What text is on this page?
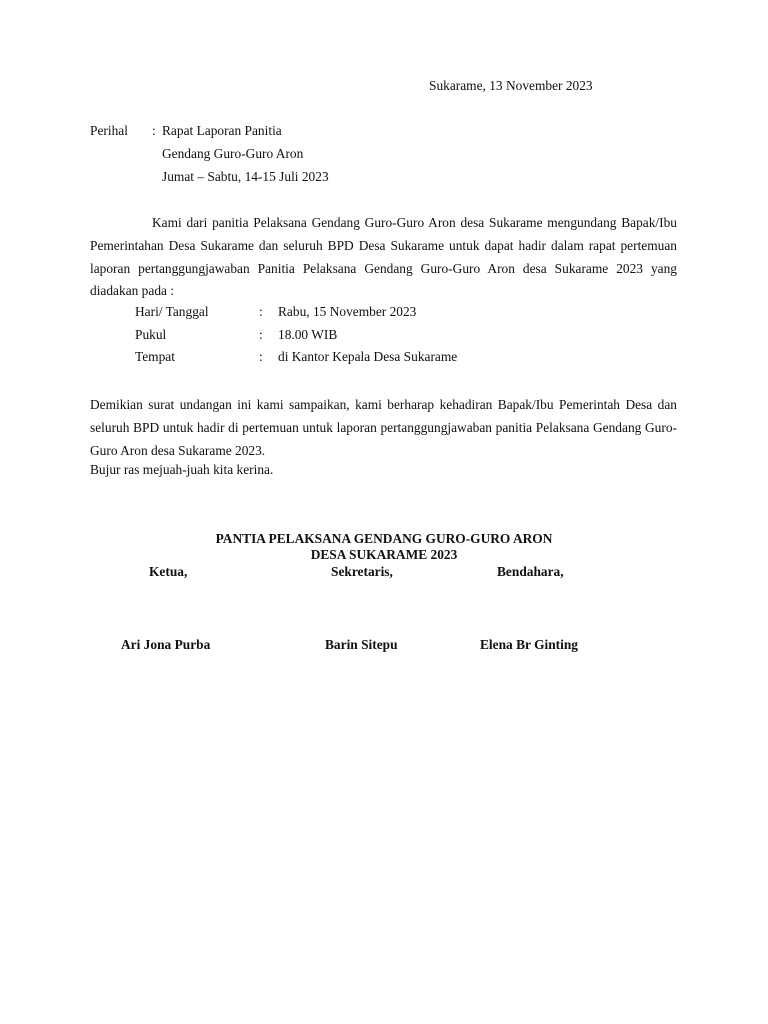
Sukarame, 13 November 2023
Perihal : Rapat Laporan Panitia
Gendang Guro-Guro Aron
Jumat – Sabtu, 14-15 Juli 2023

Kami dari panitia Pelaksana Gendang Guro-Guro Aron desa Sukarame mengundang Bapak/Ibu Pemerintahan Desa Sukarame dan seluruh BPD Desa Sukarame untuk dapat hadir dalam rapat pertemuan laporan pertanggungjawaban Panitia Pelaksana Gendang Guro-Guro Aron desa Sukarame 2023 yang diadakan pada :

Hari/ Tanggal	: Rabu, 15 November 2023
Pukul	: 18.00 WIB
Tempat	: di Kantor Kepala Desa Sukarame

Demikian surat undangan ini kami sampaikan, kami berharap kehadiran Bapak/Ibu Pemerintah Desa dan seluruh BPD untuk hadir di pertemuan untuk laporan pertanggungjawaban panitia Pelaksana Gendang Guro-Guro Aron desa Sukarame 2023.

Bujur ras mejuah-juah kita kerina.
PANTIA PELAKSANA GENDANG GURO-GURO ARON
DESA SUKARAME 2023
Ketua,	Sekretaris,	Bendahara,
Ari Jona Purba	Barin Sitepu	Elena Br Ginting
